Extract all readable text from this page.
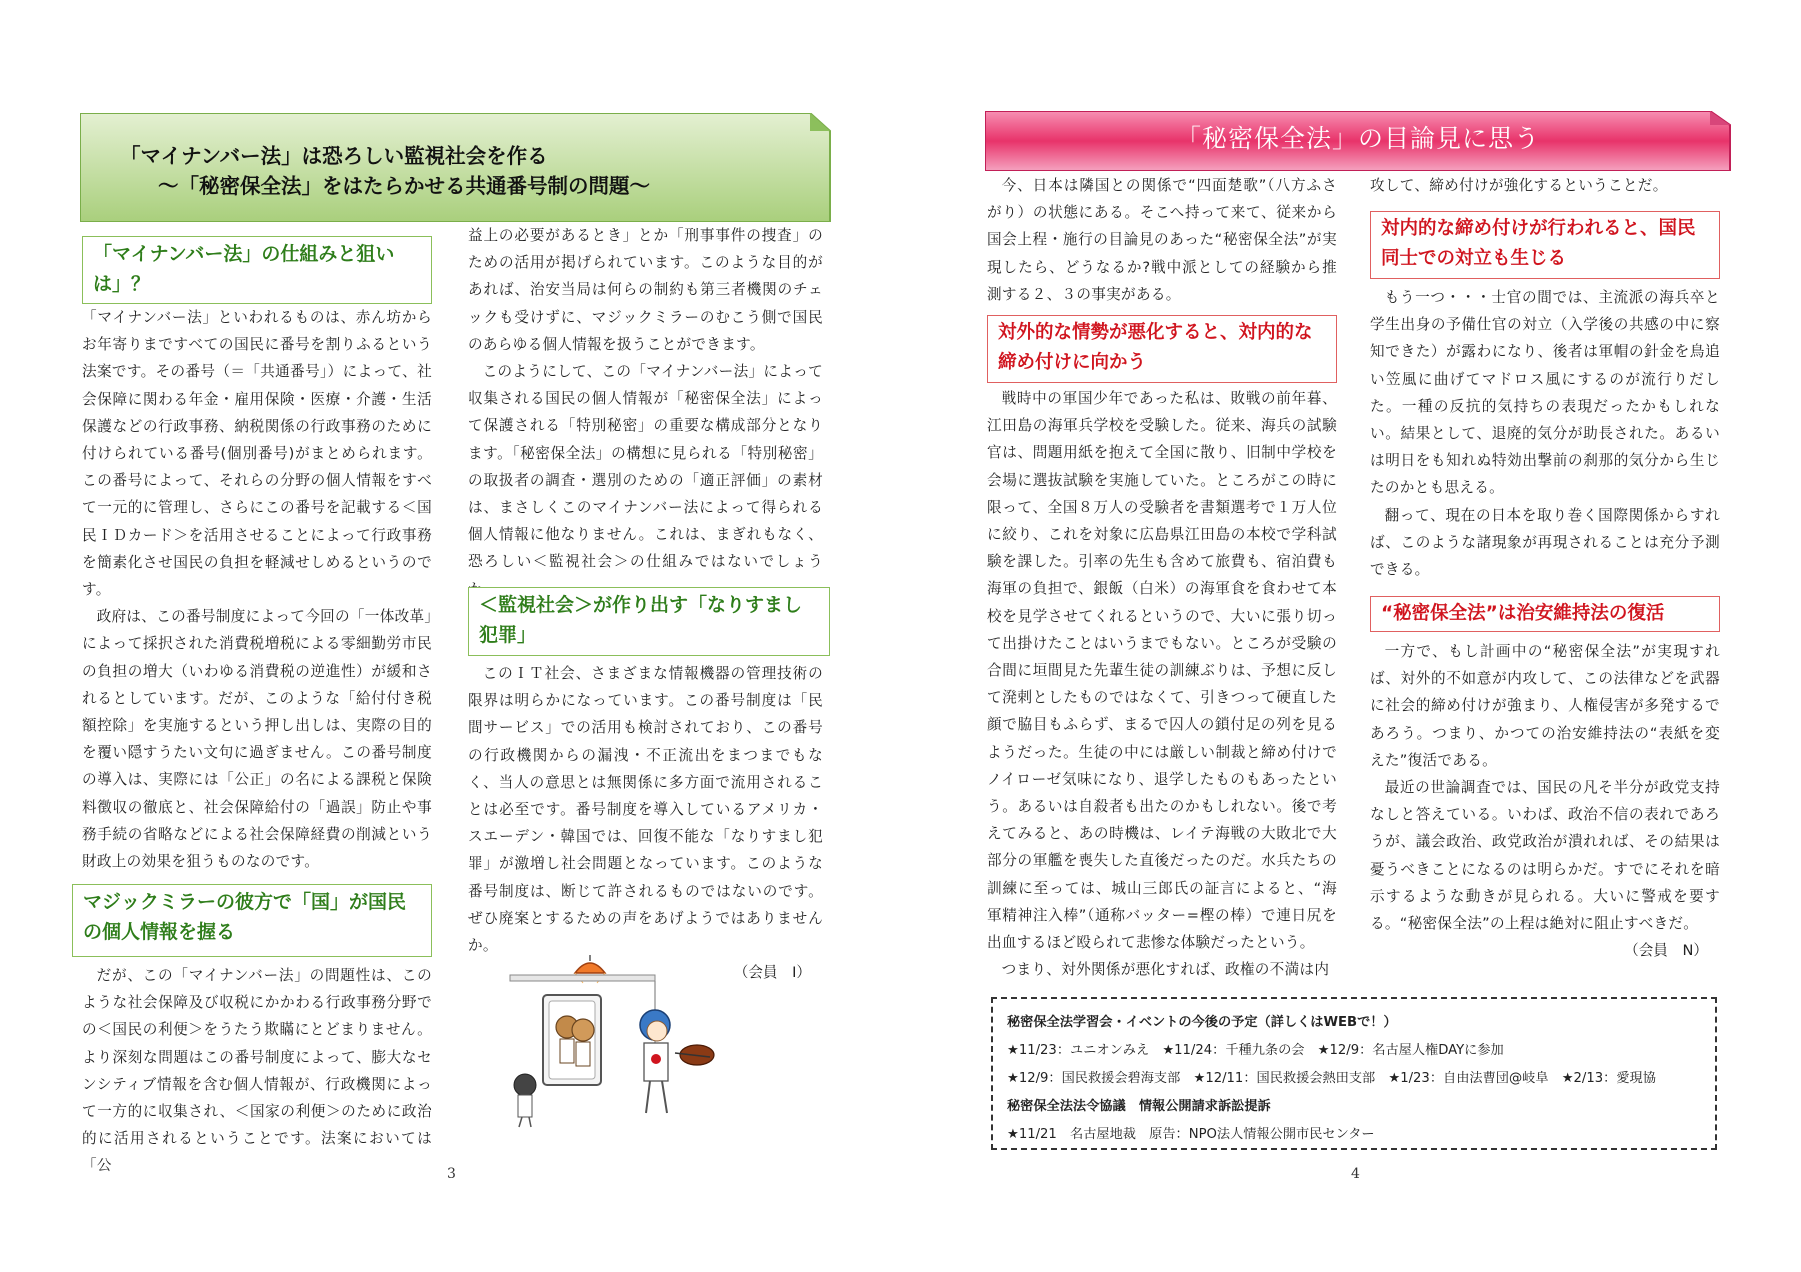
「マイナンバー法」は恐ろしい監視社会を作る
～「秘密保全法」をはたらかせる共通番号制の問題～
「マイナンバー法」の仕組みと狙いは」？

「マイナンバー法」といわれるものは、赤ん坊からお年寄りまですべての国民に番号を割りふるという法案です。その番号（＝「共通番号」）によって、社会保障に関わる年金・雇用保険・医療・介護・生活保護などの行政事務、納税関係の行政事務のために付けられている番号(個別番号)がまとめられます。この番号によって、それらの分野の個人情報をすべて一元的に管理し、さらにこの番号を記載する＜国民ＩＤカード＞を活用させることによって行政事務を簡素化させ国民の負担を軽減せしめるというのです。

政府は、この番号制度によって今回の「一体改革」によって採択された消費税増税による零細勤労市民の負担の増大（いわゆる消費税の逆進性）が緩和されるとしています。だが、このような「給付付き税額控除」を実施するという押し出しは、実際の目的を覆い隠すうたい文句に過ぎません。この番号制度の導入は、実際には「公正」の名による課税と保険料徴収の徹底と、社会保障給付の「過誤」防止や事務手続の省略などによる社会保障経費の削減という財政上の効果を狙うものなのです。

マジックミラーの彼方で「国」が国民の個人情報を握る

だが、この「マイナンバー法」の問題性は、このような社会保障及び収税にかかわる行政事務分野での＜国民の利便＞をうたう欺瞞にとどまりません。より深刻な問題はこの番号制度によって、膨大なセンシティブ情報を含む個人情報が、行政機関によって一方的に収集され、＜国家の利便＞のために政治的に活用されるということです。法案においては「公

益上の必要があるとき」とか「刑事事件の捜査」のための活用が掲げられています。このような目的があれば、治安当局は何らの制約も第三者機関のチェックも受けずに、マジックミラーのむこう側で国民のあらゆる個人情報を扱うことができます。

このようにして、この「マイナンバー法」によって収集される国民の個人情報が「秘密保全法」によって保護される「特別秘密」の重要な構成部分となります。「秘密保全法」の構想に見られる「特別秘密」の取扱者の調査・選別のための「適正評価」の素材は、まさしくこのマイナンバー法によって得られる個人情報に他なりません。これは、まぎれもなく、恐ろしい＜監視社会＞の仕組みではないでしょう

＜監視社会＞が作り出す「なりすまし犯罪」

このＩＴ社会、さまざまな情報機器の管理技術の限界は明らかになっています。この番号制度は「民間サービス」での活用も検討されており、この番号の行政機関からの漏洩・不正流出をまつまでもなく、当人の意思とは無関係に多方面で流用されることは必至です。番号制度を導入しているアメリカ・スエーデン・韓国では、回復不能な「なりすまし犯罪」が激増し社会問題となっています。このような番号制度は、断じて許されるものではないのです。ぜひ廃案とするための声をあげようではありませんか。

（会員　I）

3
「秘密保全法」の目論見に思う

今、日本は隣国との関係で“四面楚歌”（八方ふさがり）の状態にある。そこへ持って来て、従来から国会上程・施行の目論見のあった“秘密保全法”が実現したら、どうなるか?戦中派としての経験から推測する２、３の事実がある。

対外的な情勢が悪化すると、対内的な締め付けに向かう

戦時中の軍国少年であった私は、敗戦の前年暮、江田島の海軍兵学校を受験した。従来、海兵の試験官は、問題用紙を抱えて全国に散り、旧制中学校を会場に選抜試験を実施していた。ところがこの時に限って、全国８万人の受験者を書類選考で１万人位に絞り、これを対象に広島県江田島の本校で学科試験を課した。引率の先生も含めて旅費も、宿泊費も海軍の負担で、銀飯（白米）の海軍食を食わせて本校を見学させてくれるというので、大いに張り切って出掛けたことはいうまでもない。ところが受験の合間に垣間見た先輩生徒の訓練ぶりは、予想に反して溌剌としたものではなくて、引きつって硬直した顔で脇目もふらず、まるで囚人の鎖付足の列を見るようだった。生徒の中には厳しい制裁と締め付けでノイローゼ気味になり、退学したものもあったという。あるいは自殺者も出たのかもしれない。後で考えてみると、あの時機は、レイテ海戦の大敗北で大部分の軍艦を喪失した直後だったのだ。水兵たちの訓練に至っては、城山三郎氏の証言によると、“海軍精神注入棒”（通称バッター=樫の棒）で連日尻を出血するほど殴られて悲惨な体験だったという。

つまり、対外関係が悪化すれば、政権の不満は内

攻して、締め付けが強化するということだ。

対内的な締め付けが行われると、国民同士での対立も生じる

もう一つ・・・士官の間では、主流派の海兵卒と学生出身の予備仕官の対立（入学後の共感の中に察知できた）が露わになり、後者は軍帽の針金を鳥追い笠風に曲げてマドロス風にするのが流行りだした。一種の反抗的気持ちの表現だったかもしれない。結果として、退廃的気分が助長された。あるいは明日をも知れぬ特効出撃前の刹那的気分から生じたのかとも思える。

翻って、現在の日本を取り巻く国際関係からすれば、このような諸現象が再現されることは充分予測できる。

“秘密保全法”は治安維持法の復活

一方で、もし計画中の“秘密保全法”が実現すれば、対外的不如意が内攻して、この法律などを武器に社会的締め付けが強まり、人権侵害が多発するであろう。つまり、かつての治安維持法の“表紙を変えた”復活である。

最近の世論調査では、国民の凡そ半分が政党支持なしと答えている。いわば、政治不信の表れであろうが、議会政治、政党政治が潰れれば、その結果は憂うべきことになるのは明らかだ。すでにそれを暗示するような動きが見られる。大いに警戒を要する。“秘密保全法”の上程は絶対に阻止すべきだ。

（会員　N）

秘密保全法学習会・イベントの今後の予定（詳しくはWEBで！）
★11/23：ユニオンみえ　★11/24：千種九条の会　★12/9：名古屋人権DAYに参加
★12/9：国民救援会碧海支部　★12/11：国民救援会熱田支部　★1/23：自由法曹団@岐阜　★2/13：愛現協
秘密保全法法令協議　情報公開請求訴訟提訴
★11/21　名古屋地裁　原告：NPO法人情報公開市民センター
4
